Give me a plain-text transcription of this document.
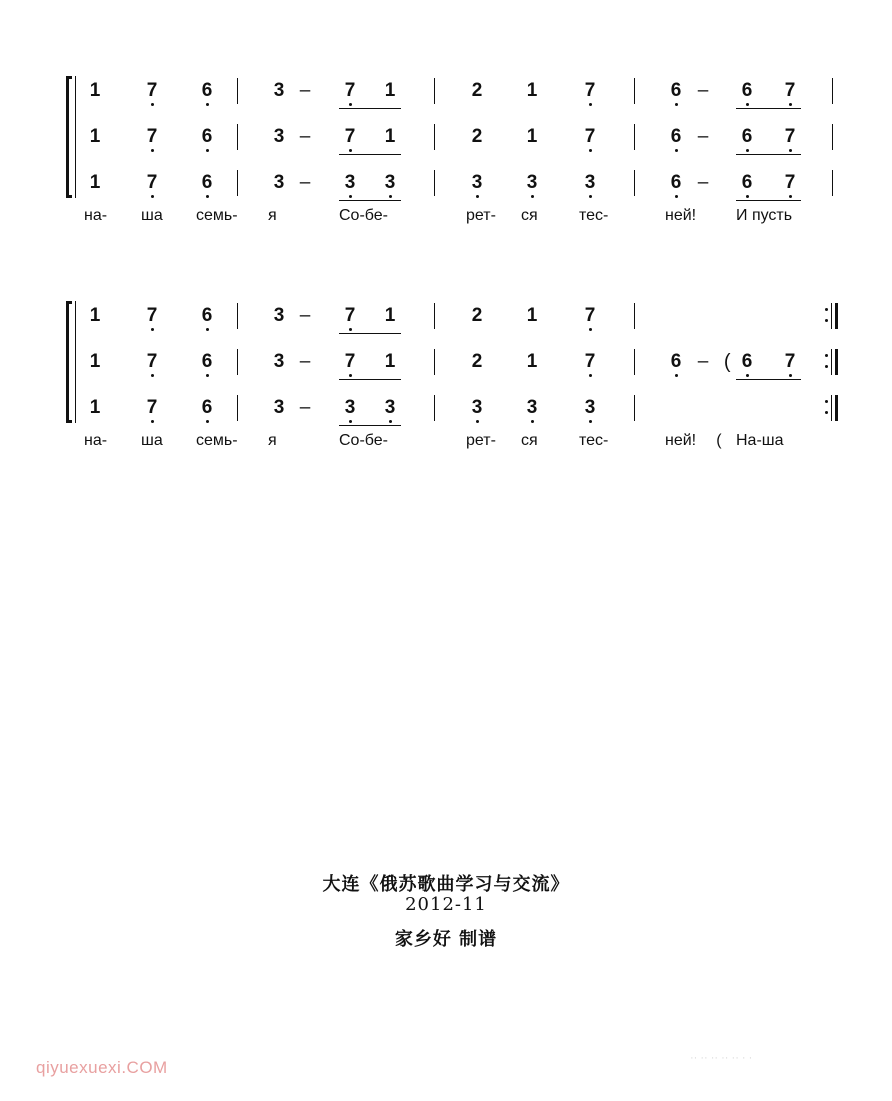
1	7	6	3 –	7	1	2	1	7	6 –	6	7
1	7	6	3 –	7	1	2	1	7	6 –	6	7
1	7	6	3 –	3	3	3	3	3	6 –	6	7
на- ша семь- я	Со-бе-	рет- ся	тес-	ней! И пусть
1	7	6	3 –	7	1	2	1	7
1	7	6	3 –	7	1	2	1	7	6 – ( 6	7
1	7	6	3 –	3	3	3	3	3
на- ша семь- я	Со-бе-	рет- ся	тес-	ней! ( На-ша
大连《俄苏歌曲学习与交流》
2012-11
家乡好 制谱
qiyuexuexi.COM	·· ·· ·· ·· ·· · ·
